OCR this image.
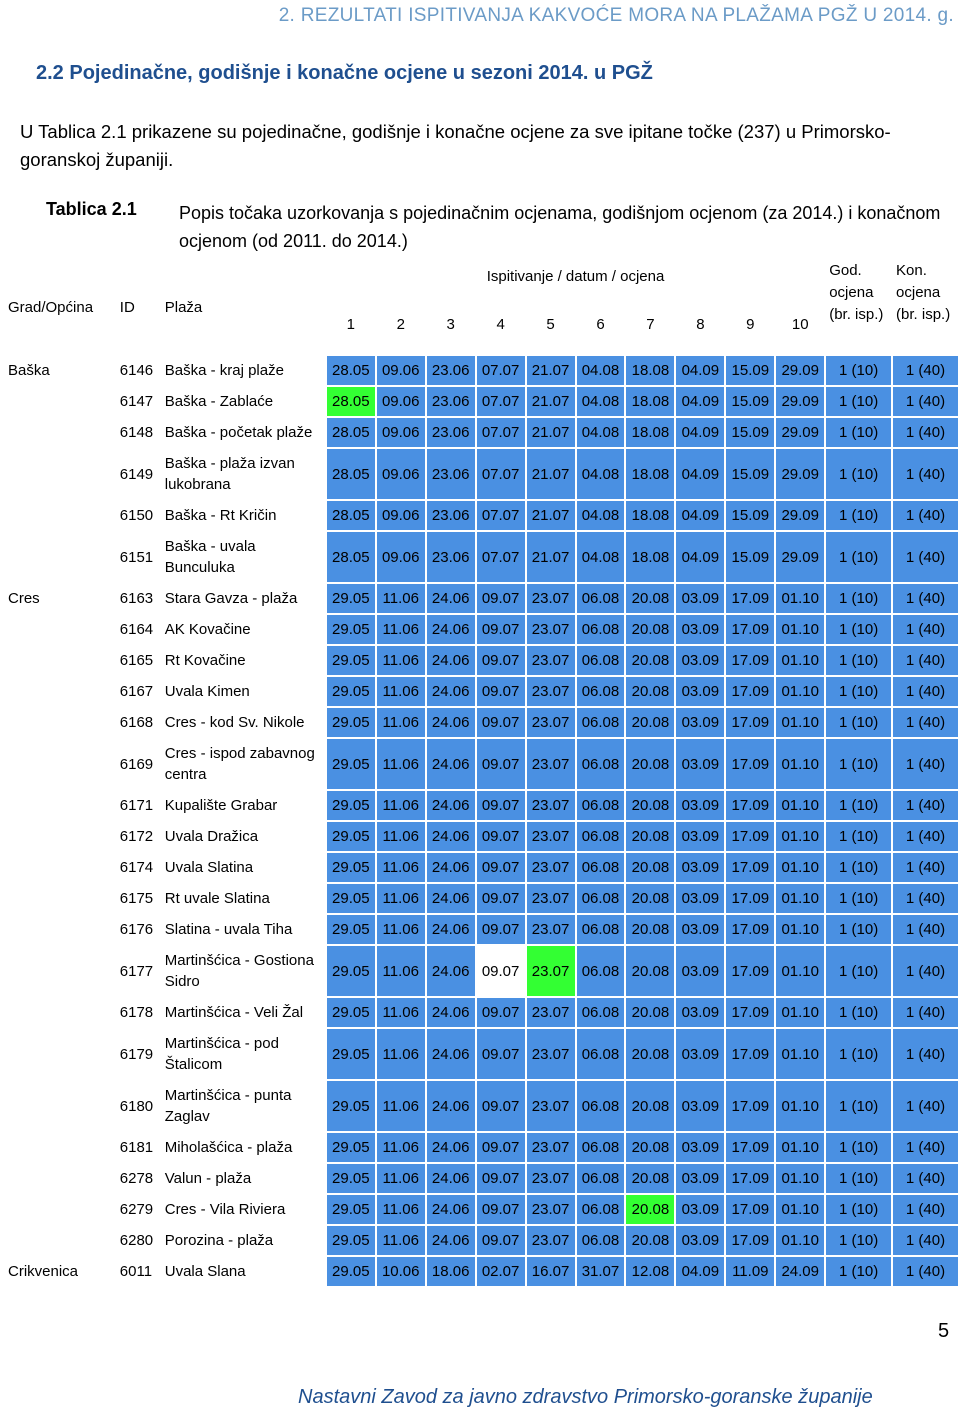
2. REZULTATI ISPITIVANJA KAKVOĆE MORA NA PLAŽAMA PGŽ U 2014. g.
2.2 Pojedinačne, godišnje i konačne ocjene u sezoni 2014. u PGŽ
U Tablica 2.1 prikazene su pojedinačne, godišnje i konačne ocjene za sve ipitane točke (237) u Primorsko-goranskoj županiji.
Tablica 2.1 Popis točaka uzorkovanja s pojedinačnim ocjenama, godišnjom ocjenom (za 2014.) i konačnom ocjenom (od 2011. do 2014.)
Grad/Općina	ID	Plaža	Ispitivanje / datum / ocjena										God. ocjena (br. isp.)	Kon. ocjena (br. isp.)
			1	2	3	4	5	6	7	8	9	10		
Baška	6146	Baška - kraj plaže	28.05	09.06	23.06	07.07	21.07	04.08	18.08	04.09	15.09	29.09	1 (10)	1 (40)
	6147	Baška - Zablaće	28.05	09.06	23.06	07.07	21.07	04.08	18.08	04.09	15.09	29.09	1 (10)	1 (40)
	6148	Baška - početak plaže	28.05	09.06	23.06	07.07	21.07	04.08	18.08	04.09	15.09	29.09	1 (10)	1 (40)
	6149	Baška - plaža izvan lukobrana	28.05	09.06	23.06	07.07	21.07	04.08	18.08	04.09	15.09	29.09	1 (10)	1 (40)
	6150	Baška - Rt Kričin	28.05	09.06	23.06	07.07	21.07	04.08	18.08	04.09	15.09	29.09	1 (10)	1 (40)
	6151	Baška - uvala Bunculuka	28.05	09.06	23.06	07.07	21.07	04.08	18.08	04.09	15.09	29.09	1 (10)	1 (40)
Cres	6163	Stara Gavza - plaža	29.05	11.06	24.06	09.07	23.07	06.08	20.08	03.09	17.09	01.10	1 (10)	1 (40)
	6164	AK Kovačine	29.05	11.06	24.06	09.07	23.07	06.08	20.08	03.09	17.09	01.10	1 (10)	1 (40)
	6165	Rt Kovačine	29.05	11.06	24.06	09.07	23.07	06.08	20.08	03.09	17.09	01.10	1 (10)	1 (40)
	6167	Uvala Kimen	29.05	11.06	24.06	09.07	23.07	06.08	20.08	03.09	17.09	01.10	1 (10)	1 (40)
	6168	Cres - kod Sv. Nikole	29.05	11.06	24.06	09.07	23.07	06.08	20.08	03.09	17.09	01.10	1 (10)	1 (40)
	6169	Cres - ispod zabavnog centra	29.05	11.06	24.06	09.07	23.07	06.08	20.08	03.09	17.09	01.10	1 (10)	1 (40)
	6171	Kupalište Grabar	29.05	11.06	24.06	09.07	23.07	06.08	20.08	03.09	17.09	01.10	1 (10)	1 (40)
	6172	Uvala Dražica	29.05	11.06	24.06	09.07	23.07	06.08	20.08	03.09	17.09	01.10	1 (10)	1 (40)
	6174	Uvala Slatina	29.05	11.06	24.06	09.07	23.07	06.08	20.08	03.09	17.09	01.10	1 (10)	1 (40)
	6175	Rt uvale Slatina	29.05	11.06	24.06	09.07	23.07	06.08	20.08	03.09	17.09	01.10	1 (10)	1 (40)
	6176	Slatina - uvala Tiha	29.05	11.06	24.06	09.07	23.07	06.08	20.08	03.09	17.09	01.10	1 (10)	1 (40)
	6177	Martinšćica - Gostiona Sidro	29.05	11.06	24.06	09.07	23.07	06.08	20.08	03.09	17.09	01.10	1 (10)	1 (40)
	6178	Martinšćica - Veli Žal	29.05	11.06	24.06	09.07	23.07	06.08	20.08	03.09	17.09	01.10	1 (10)	1 (40)
	6179	Martinšćica - pod Štalicom	29.05	11.06	24.06	09.07	23.07	06.08	20.08	03.09	17.09	01.10	1 (10)	1 (40)
	6180	Martinšćica - punta Zaglav	29.05	11.06	24.06	09.07	23.07	06.08	20.08	03.09	17.09	01.10	1 (10)	1 (40)
	6181	Miholašćica - plaža	29.05	11.06	24.06	09.07	23.07	06.08	20.08	03.09	17.09	01.10	1 (10)	1 (40)
	6278	Valun - plaža	29.05	11.06	24.06	09.07	23.07	06.08	20.08	03.09	17.09	01.10	1 (10)	1 (40)
	6279	Cres - Vila Riviera	29.05	11.06	24.06	09.07	23.07	06.08	20.08	03.09	17.09	01.10	1 (10)	1 (40)
	6280	Porozina - plaža	29.05	11.06	24.06	09.07	23.07	06.08	20.08	03.09	17.09	01.10	1 (10)	1 (40)
Crikvenica	6011	Uvala Slana	29.05	10.06	18.06	02.07	16.07	31.07	12.08	04.09	11.09	24.09	1 (10)	1 (40)
5
Nastavni Zavod za javno zdravstvo Primorsko-goranske županije
